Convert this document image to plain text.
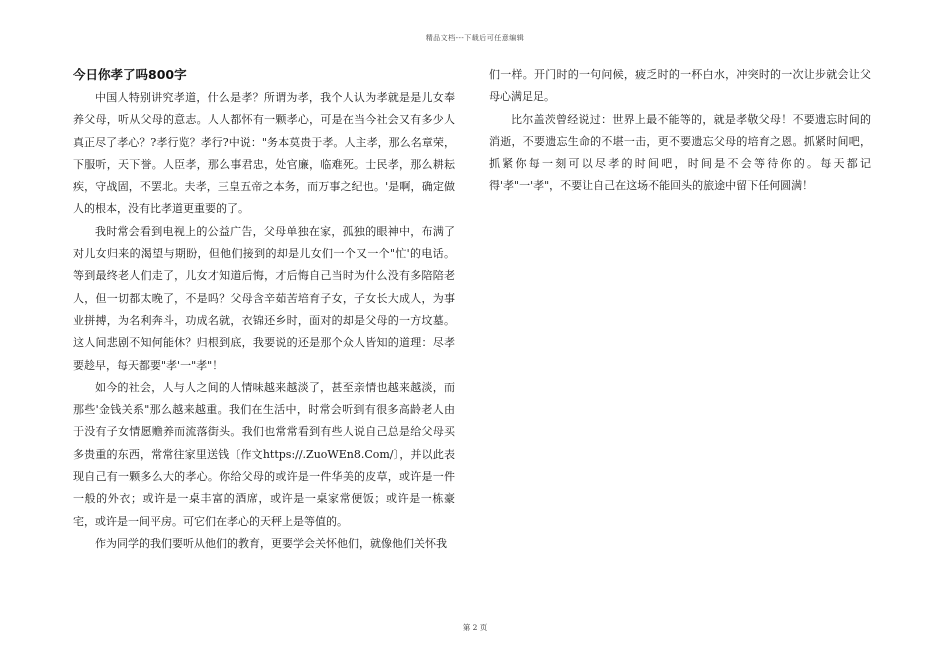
精品文档---下载后可任意编辑
今日你孝了吗800字

中国人特别讲究孝道，什么是孝？所谓为孝，我个人认为孝就是是儿女奉养父母，听从父母的意志。人人都怀有一颗孝心，可是在当今社会又有多少人真正尽了孝心？?孝行览？孝行?中说："务本莫贵于孝。人主孝，那么名章荣，下服听，天下誉。人臣孝，那么事君忠，处官廉，临难死。士民孝，那么耕耘疾，守战固，不罢北。夫孝，三皇五帝之本务，而万事之纪也。'是啊，确定做人的根本，没有比孝道更重要的了。

我时常会看到电视上的公益广告，父母单独在家，孤独的眼神中，布满了对儿女归来的渴望与期盼，但他们接到的却是儿女们一个又一个"忙'的电话。等到最终老人们走了，儿女才知道后悔，才后悔自己当时为什么没有多陪陪老人，但一切都太晚了，不是吗？父母含辛茹苦培育子女，子女长大成人，为事业拼搏，为名利奔斗，功成名就，衣锦还乡时，面对的却是父母的一方坟墓。这人间悲剧不知何能休？归根到底，我要说的还是那个众人皆知的道理：尽孝要趁早，每天都要"孝'一"孝"！

如今的社会，人与人之间的人情味越来越淡了，甚至亲情也越来越淡，而那些'金钱关系"那么越来越重。我们在生活中，时常会听到有很多高龄老人由于没有子女情愿赡养而流落街头。我们也常常看到有些人说自己总是给父母买多贵重的东西，常常往家里送钱〔作文https://.ZuoWEn8.Com/〕，并以此表现自己有一颗多么大的孝心。你给父母的或许是一件华美的皮草，或许是一件一般的外衣；或许是一桌丰富的酒席，或许是一桌家常便饭；或许是一栋豪宅，或许是一间平房。可它们在孝心的天秤上是等值的。

作为同学的我们要听从他们的教育，更要学会关怀他们，就像他们关怀我

们一样。开门时的一句问候，疲乏时的一杯白水，冲突时的一次让步就会让父母心满足足。

比尔盖茨曾经说过：世界上最不能等的，就是孝敬父母！不要遗忘时间的消逝，不要遗忘生命的不堪一击，更不要遗忘父母的培育之恩。抓紧时间吧，抓紧你每一刻可以尽孝的时间吧，时间是不会等待你的。每天都记得'孝"一'孝"，不要让自己在这场不能回头的旅途中留下任何圆满！

第 2 页
